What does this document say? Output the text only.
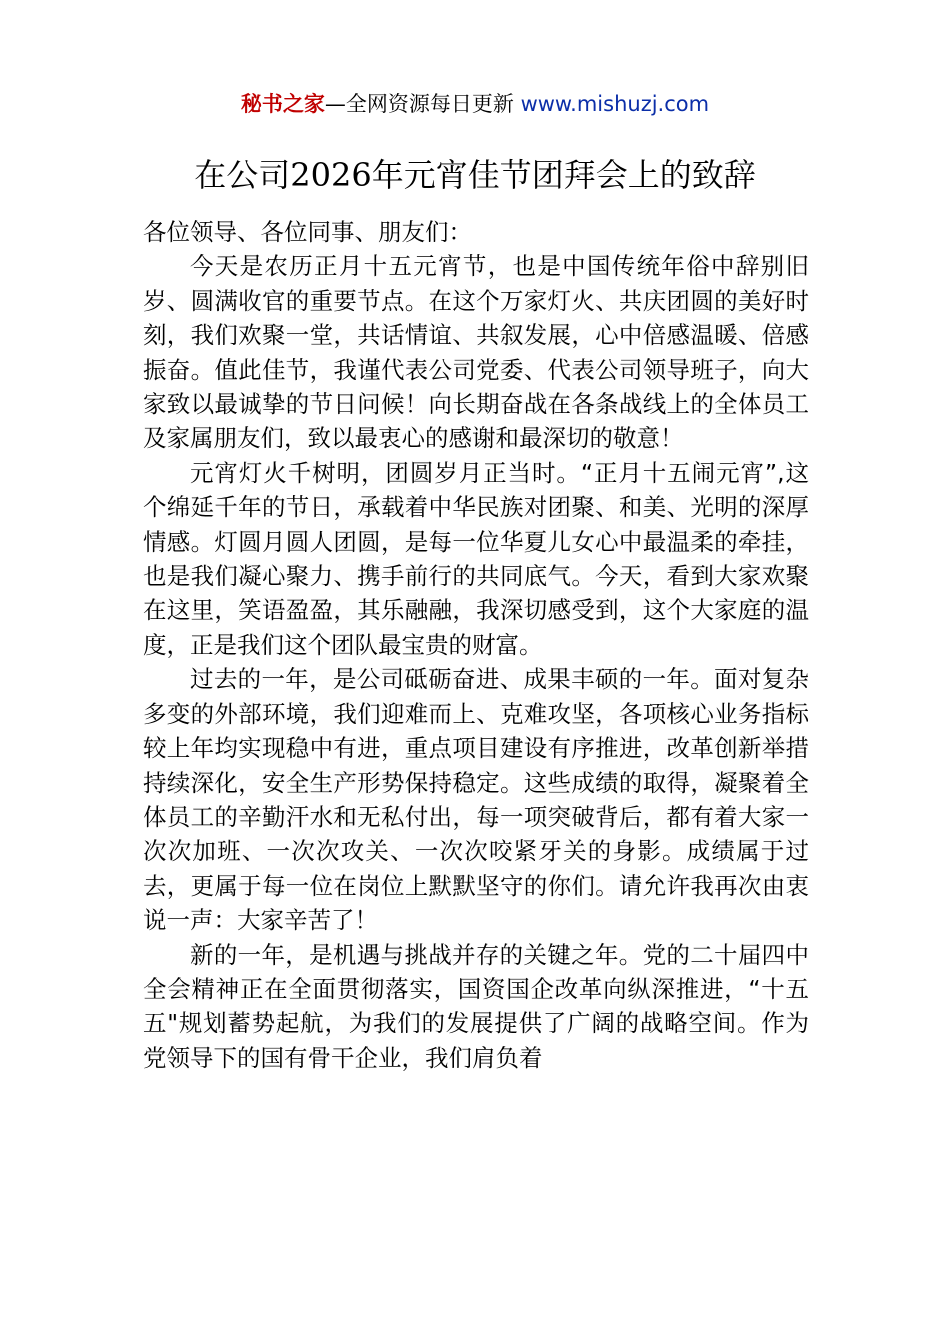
秘书之家—全网资源每日更新 www.mishuzj.com
在公司2026年元宵佳节团拜会上的致辞

各位领导、各位同事、朋友们：

今天是农历正月十五元宵节，也是中国传统年俗中辞别旧岁、圆满收官的重要节点。在这个万家灯火、共庆团圆的美好时刻，我们欢聚一堂，共话情谊、共叙发展，心中倍感温暖、倍感振奋。值此佳节，我谨代表公司党委、代表公司领导班子，向大家致以最诚挚的节日问候！向长期奋战在各条战线上的全体员工及家属朋友们，致以最衷心的感谢和最深切的敬意！

元宵灯火千树明，团圆岁月正当时。“正月十五闹元宵”,这个绵延千年的节日，承载着中华民族对团聚、和美、光明的深厚情感。灯圆月圆人团圆，是每一位华夏儿女心中最温柔的牵挂，也是我们凝心聚力、携手前行的共同底气。今天，看到大家欢聚在这里，笑语盈盈，其乐融融，我深切感受到，这个大家庭的温度，正是我们这个团队最宝贵的财富。

过去的一年，是公司砥砺奋进、成果丰硕的一年。面对复杂多变的外部环境，我们迎难而上、克难攻坚，各项核心业务指标较上年均实现稳中有进，重点项目建设有序推进，改革创新举措持续深化，安全生产形势保持稳定。这些成绩的取得，凝聚着全体员工的辛勤汗水和无私付出，每一项突破背后，都有着大家一次次加班、一次次攻关、一次次咬紧牙关的身影。成绩属于过去，更属于每一位在岗位上默默坚守的你们。请允许我再次由衷说一声：大家辛苦了！

新的一年，是机遇与挑战并存的关键之年。党的二十届四中全会精神正在全面贯彻落实，国资国企改革向纵深推进，“十五五"规划蓄势起航，为我们的发展提供了广阔的战略空间。作为党领导下的国有骨干企业，我们肩负着
